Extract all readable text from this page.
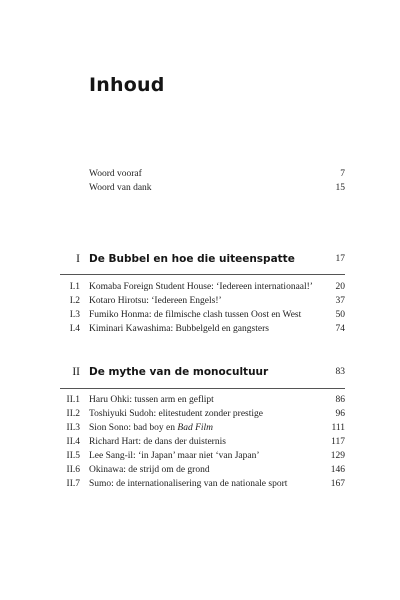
Inhoud
Woord vooraf	7
Woord van dank	15
I De Bubbel en hoe die uiteenspatte	17
I.1 Komaba Foreign Student House: ‘Iedereen internationaal!’ 20
I.2 Kotaro Hirotsu: ‘Iedereen Engels!’	37
I.3 Fumiko Honma: de filmische clash tussen Oost en West	50
I.4 Kiminari Kawashima: Bubbelgeld en gangsters	74
II De mythe van de monocultuur	83
II.1 Haru Ohki: tussen arm en geflipt	86
II.2 Toshiyuki Sudoh: elitestudent zonder prestige	96
II.3 Sion Sono: bad boy en Bad Film	111
II.4 Richard Hart: de dans der duisternis	117
II.5 Lee Sang-il: ‘in Japan’ maar niet ‘van Japan’	129
II.6 Okinawa: de strijd om de grond	146
II.7 Sumo: de internationalisering van de nationale sport	167
